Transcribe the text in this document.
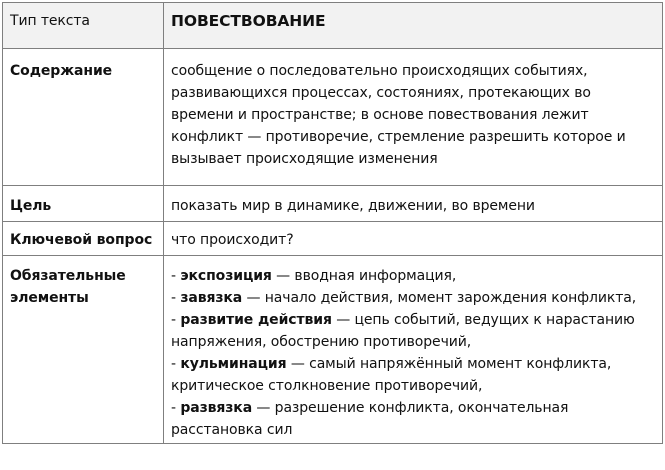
Тип текста	ПОВЕСТВОВАНИЕ
Содержание	сообщение о последовательно происходящих событиях, развивающихся процессах, состояниях, протекающих во времени и пространстве; в основе повествования лежит конфликт — противоречие, стремление разрешить которое и вызывает происходящие изменения
Цель	показать мир в динамике, движении, во времени
Ключевой вопрос	что происходит?
Обязательные элементы	- экспозиция — вводная информация,
- завязка — начало действия, момент зарождения конфликта,
- развитие действия — цепь событий, ведущих к нарастанию напряжения, обострению противоречий,
- кульминация — самый напряжённый момент конфликта, критическое столкновение противоречий,
- развязка — разрешение конфликта, окончательная расстановка сил
